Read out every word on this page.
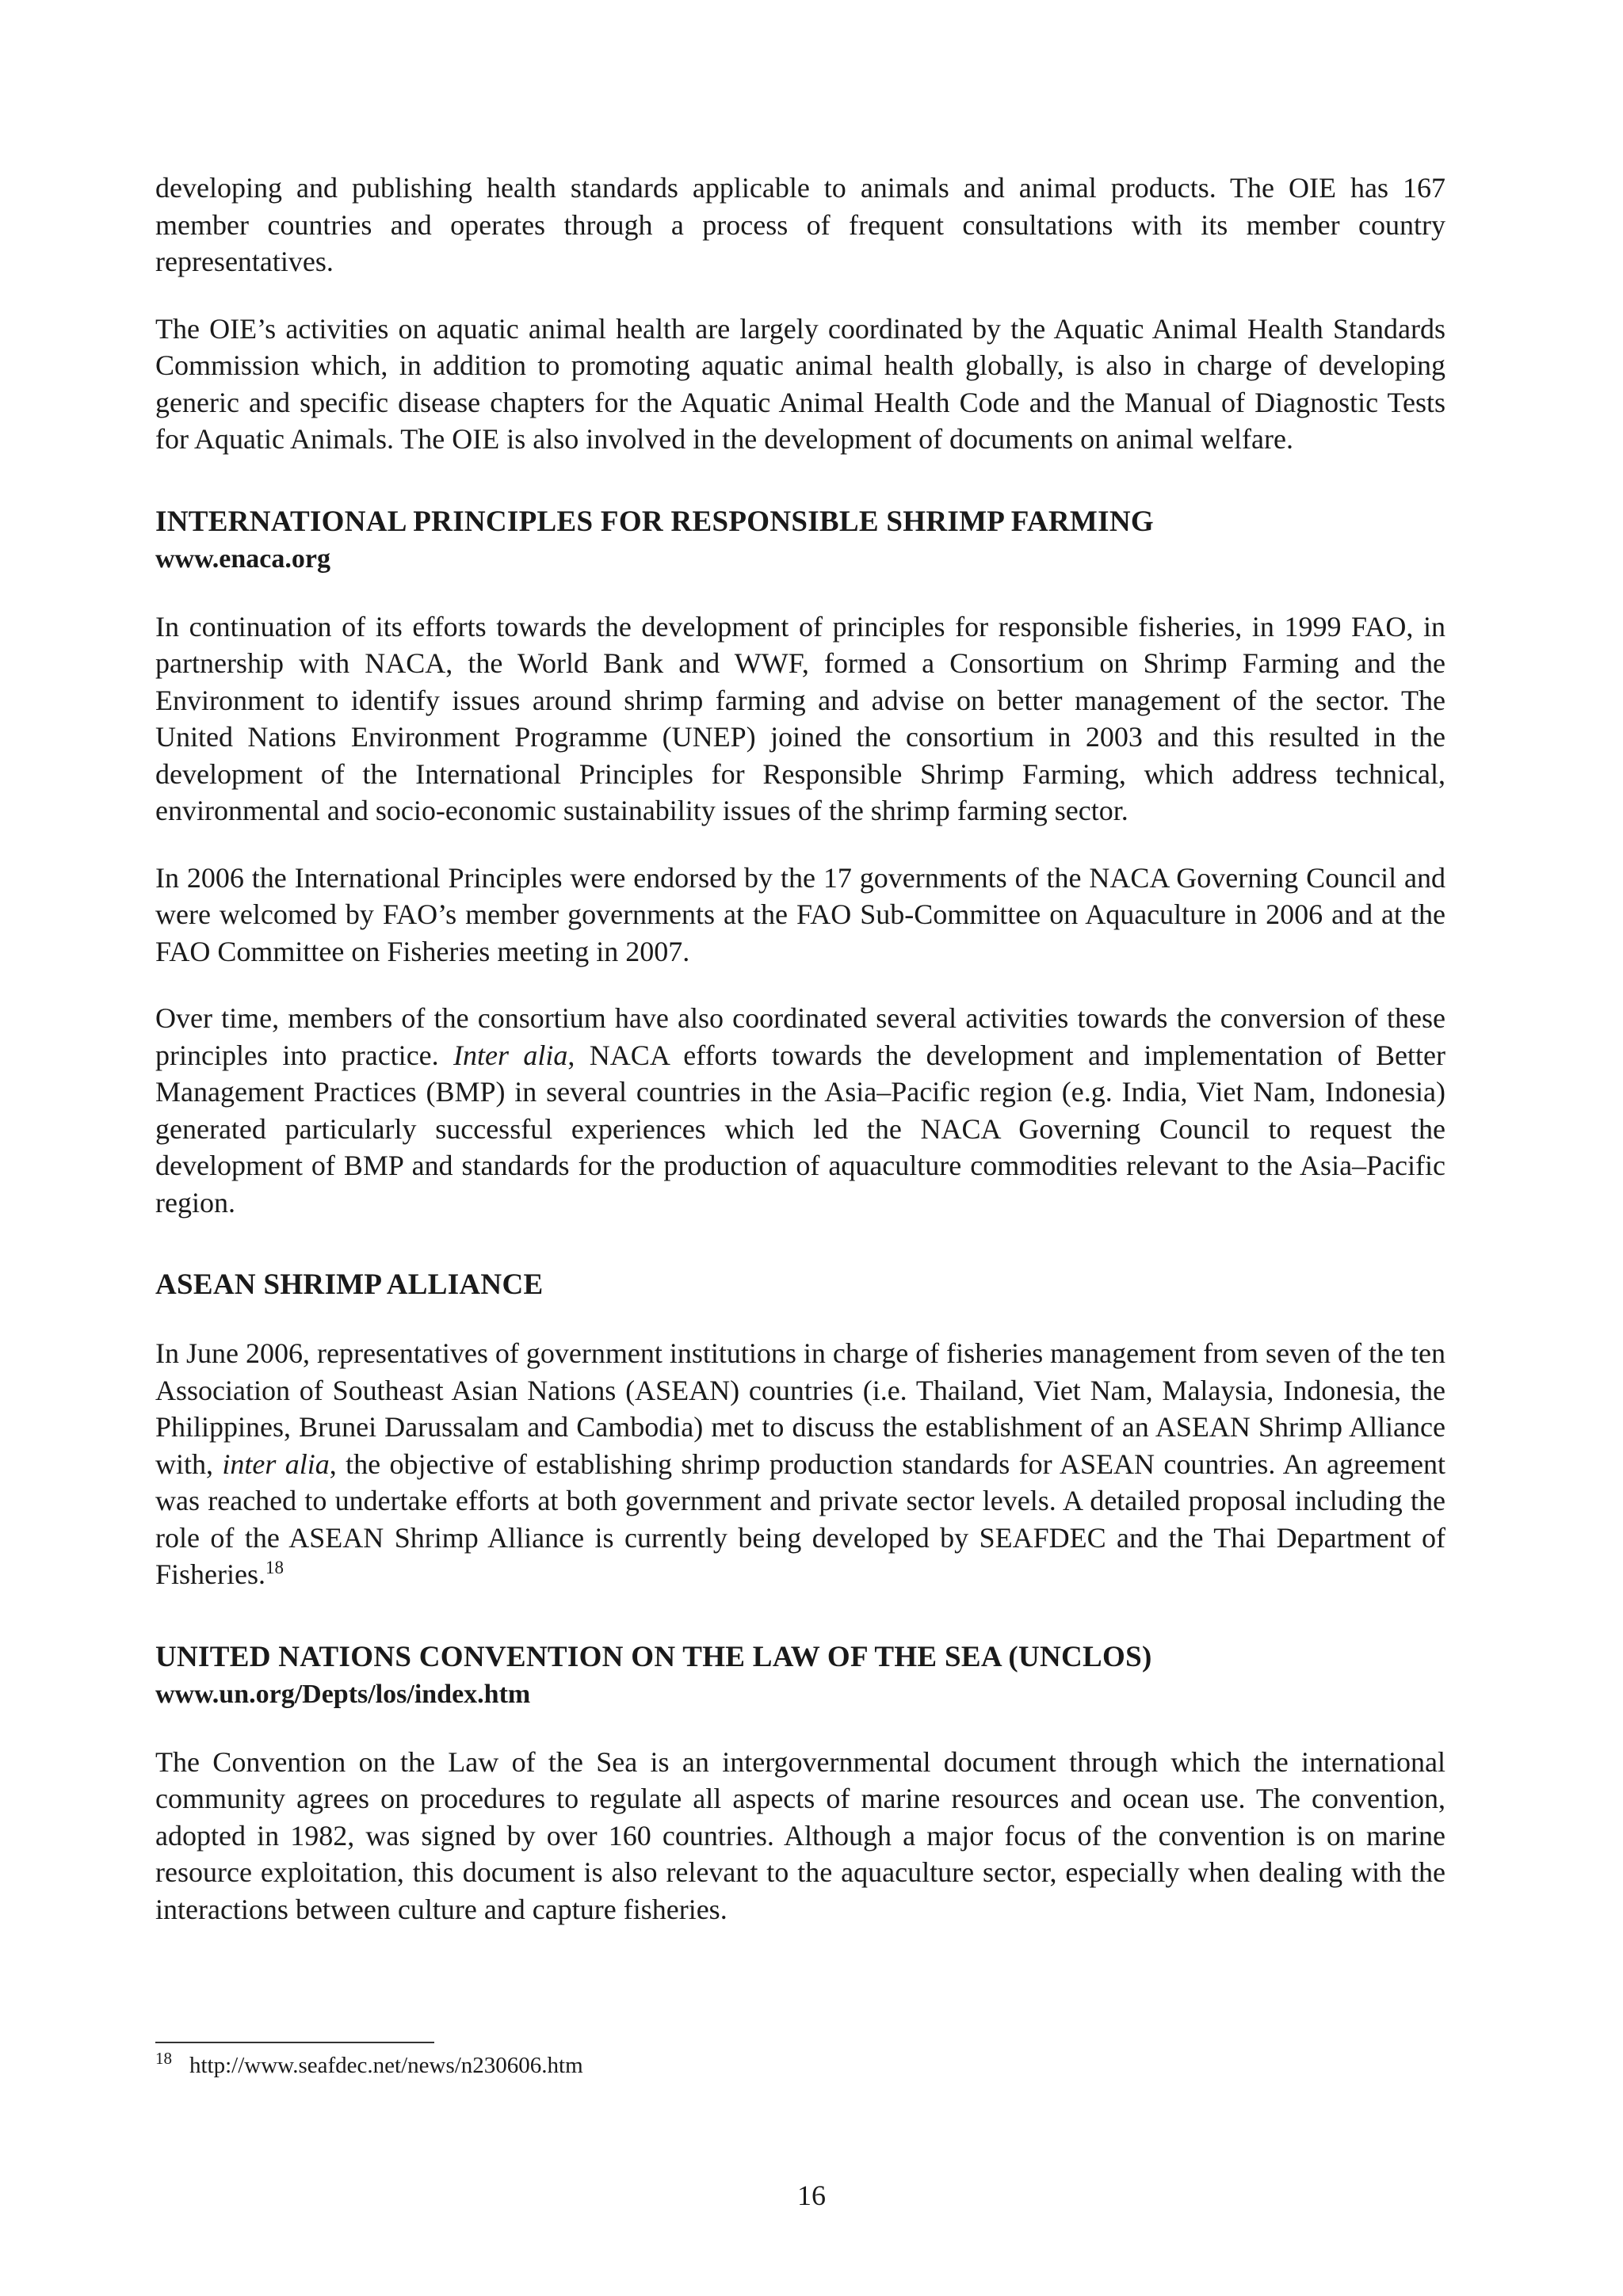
developing and publishing health standards applicable to animals and animal products. The OIE has 167 member countries and operates through a process of frequent consultations with its member country representatives.

The OIE’s activities on aquatic animal health are largely coordinated by the Aquatic Animal Health Standards Commission which, in addition to promoting aquatic animal health globally, is also in charge of developing generic and specific disease chapters for the Aquatic Animal Health Code and the Manual of Diagnostic Tests for Aquatic Animals. The OIE is also involved in the development of documents on animal welfare.

INTERNATIONAL PRINCIPLES FOR RESPONSIBLE SHRIMP FARMING
www.enaca.org

In continuation of its efforts towards the development of principles for responsible fisheries, in 1999 FAO, in partnership with NACA, the World Bank and WWF, formed a Consortium on Shrimp Farming and the Environment to identify issues around shrimp farming and advise on better management of the sector. The United Nations Environment Programme (UNEP) joined the consortium in 2003 and this resulted in the development of the International Principles for Responsible Shrimp Farming, which address technical, environmental and socio-economic sustainability issues of the shrimp farming sector.

In 2006 the International Principles were endorsed by the 17 governments of the NACA Governing Council and were welcomed by FAO’s member governments at the FAO Sub-Committee on Aquaculture in 2006 and at the FAO Committee on Fisheries meeting in 2007.

Over time, members of the consortium have also coordinated several activities towards the conversion of these principles into practice. Inter alia, NACA efforts towards the development and implementation of Better Management Practices (BMP) in several countries in the Asia–Pacific region (e.g. India, Viet Nam, Indonesia) generated particularly successful experiences which led the NACA Governing Council to request the development of BMP and standards for the production of aquaculture commodities relevant to the Asia–Pacific region.

ASEAN SHRIMP ALLIANCE

In June 2006, representatives of government institutions in charge of fisheries management from seven of the ten Association of Southeast Asian Nations (ASEAN) countries (i.e. Thailand, Viet Nam, Malaysia, Indonesia, the Philippines, Brunei Darussalam and Cambodia) met to discuss the establishment of an ASEAN Shrimp Alliance with, inter alia, the objective of establishing shrimp production standards for ASEAN countries. An agreement was reached to undertake efforts at both government and private sector levels. A detailed proposal including the role of the ASEAN Shrimp Alliance is currently being developed by SEAFDEC and the Thai Department of Fisheries.$^{18}$

UNITED NATIONS CONVENTION ON THE LAW OF THE SEA (UNCLOS)
www.un.org/Depts/los/index.htm

The Convention on the Law of the Sea is an intergovernmental document through which the international community agrees on procedures to regulate all aspects of marine resources and ocean use. The convention, adopted in 1982, was signed by over 160 countries. Although a major focus of the convention is on marine resource exploitation, this document is also relevant to the aquaculture sector, especially when dealing with the interactions between culture and capture fisheries.

$^{18}$ http://www.seafdec.net/news/n230606.htm
16
